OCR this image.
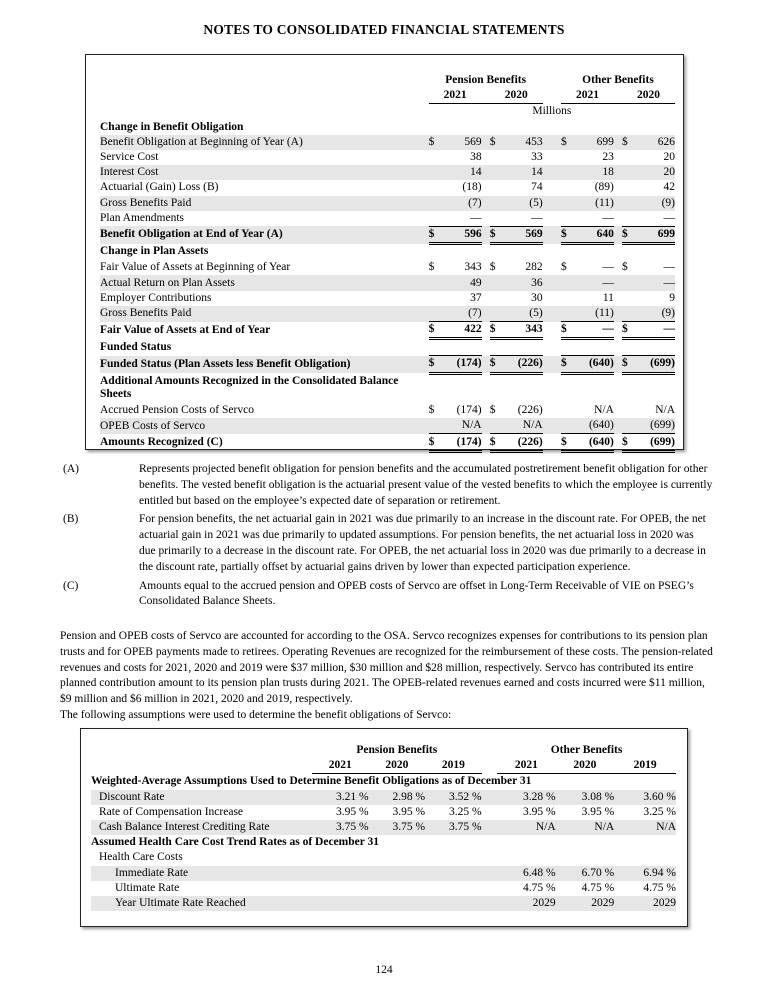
NOTES TO CONSOLIDATED FINANCIAL STATEMENTS
		Pension Benefits						Other Benefits				
		2021			2020			2021			2020	
		Millions										
Change in Benefit Obligation												
Benefit Obligation at Beginning of Year (A)		$	569		$	453		$	699		$	626
Service Cost			38			33			23			20
Interest Cost			14			14			18			20
Actuarial (Gain) Loss (B)			(18)			74			(89)			42
Gross Benefits Paid			(7)			(5)			(11)			(9)
Plan Amendments			—			—			—			—
Benefit Obligation at End of Year (A)		$	596		$	569		$	640		$	699
Change in Plan Assets												
Fair Value of Assets at Beginning of Year		$	343		$	282		$	—		$	—
Actual Return on Plan Assets			49			36			—			—
Employer Contributions			37			30			11			9
Gross Benefits Paid			(7)			(5)			(11)			(9)
Fair Value of Assets at End of Year		$	422		$	343		$	—		$	—
Funded Status												
Funded Status (Plan Assets less Benefit Obligation)		$	(174)		$	(226)		$	(640)		$	(699)
Additional Amounts Recognized in the Consolidated Balance Sheets												
Accrued Pension Costs of Servco		$	(174)		$	(226)			N/A			N/A
OPEB Costs of Servco			N/A			N/A			(640)			(699)
Amounts Recognized (C)		$	(174)		$	(226)		$	(640)		$	(699)
(A)	Represents projected benefit obligation for pension benefits and the accumulated postretirement benefit obligation for other benefits. The vested benefit obligation is the actuarial present value of the vested benefits to which the employee is currently entitled but based on the employee’s expected date of separation or retirement.
(B)	For pension benefits, the net actuarial gain in 2021 was due primarily to an increase in the discount rate. For OPEB, the net actuarial gain in 2021 was due primarily to updated assumptions. For pension benefits, the net actuarial loss in 2020 was due primarily to a decrease in the discount rate. For OPEB, the net actuarial loss in 2020 was due primarily to a decrease in the discount rate, partially offset by actuarial gains driven by lower than expected participation experience.
(C)	Amounts equal to the accrued pension and OPEB costs of Servco are offset in Long-Term Receivable of VIE on PSEG’s Consolidated Balance Sheets.
Pension and OPEB costs of Servco are accounted for according to the OSA. Servco recognizes expenses for contributions to its pension plan trusts and for OPEB payments made to retirees. Operating Revenues are recognized for the reimbursement of these costs. The pension-related revenues and costs for 2021, 2020 and 2019 were $37 million, $30 million and $28 million, respectively. Servco has contributed its entire planned contribution amount to its pension plan trusts during 2021. The OPEB-related revenues earned and costs incurred were $11 million, $9 million and $6 million in 2021, 2020 and 2019, respectively.
The following assumptions were used to determine the benefit obligations of Servco:
	Pension Benefits				Other Benefits		
	2021	2020	2019		2021	2020	2019
Weighted-Average Assumptions Used to Determine Benefit Obligations as of December 31							
Discount Rate	3.21 %	2.98 %	3.52 %		3.28 %	3.08 %	3.60 %
Rate of Compensation Increase	3.95 %	3.95 %	3.25 %		3.95 %	3.95 %	3.25 %
Cash Balance Interest Crediting Rate	3.75 %	3.75 %	3.75 %		N/A	N/A	N/A
Assumed Health Care Cost Trend Rates as of December 31							
Health Care Costs							
Immediate Rate					6.48 %	6.70 %	6.94 %
Ultimate Rate					4.75 %	4.75 %	4.75 %
Year Ultimate Rate Reached					2029	2029	2029
124
